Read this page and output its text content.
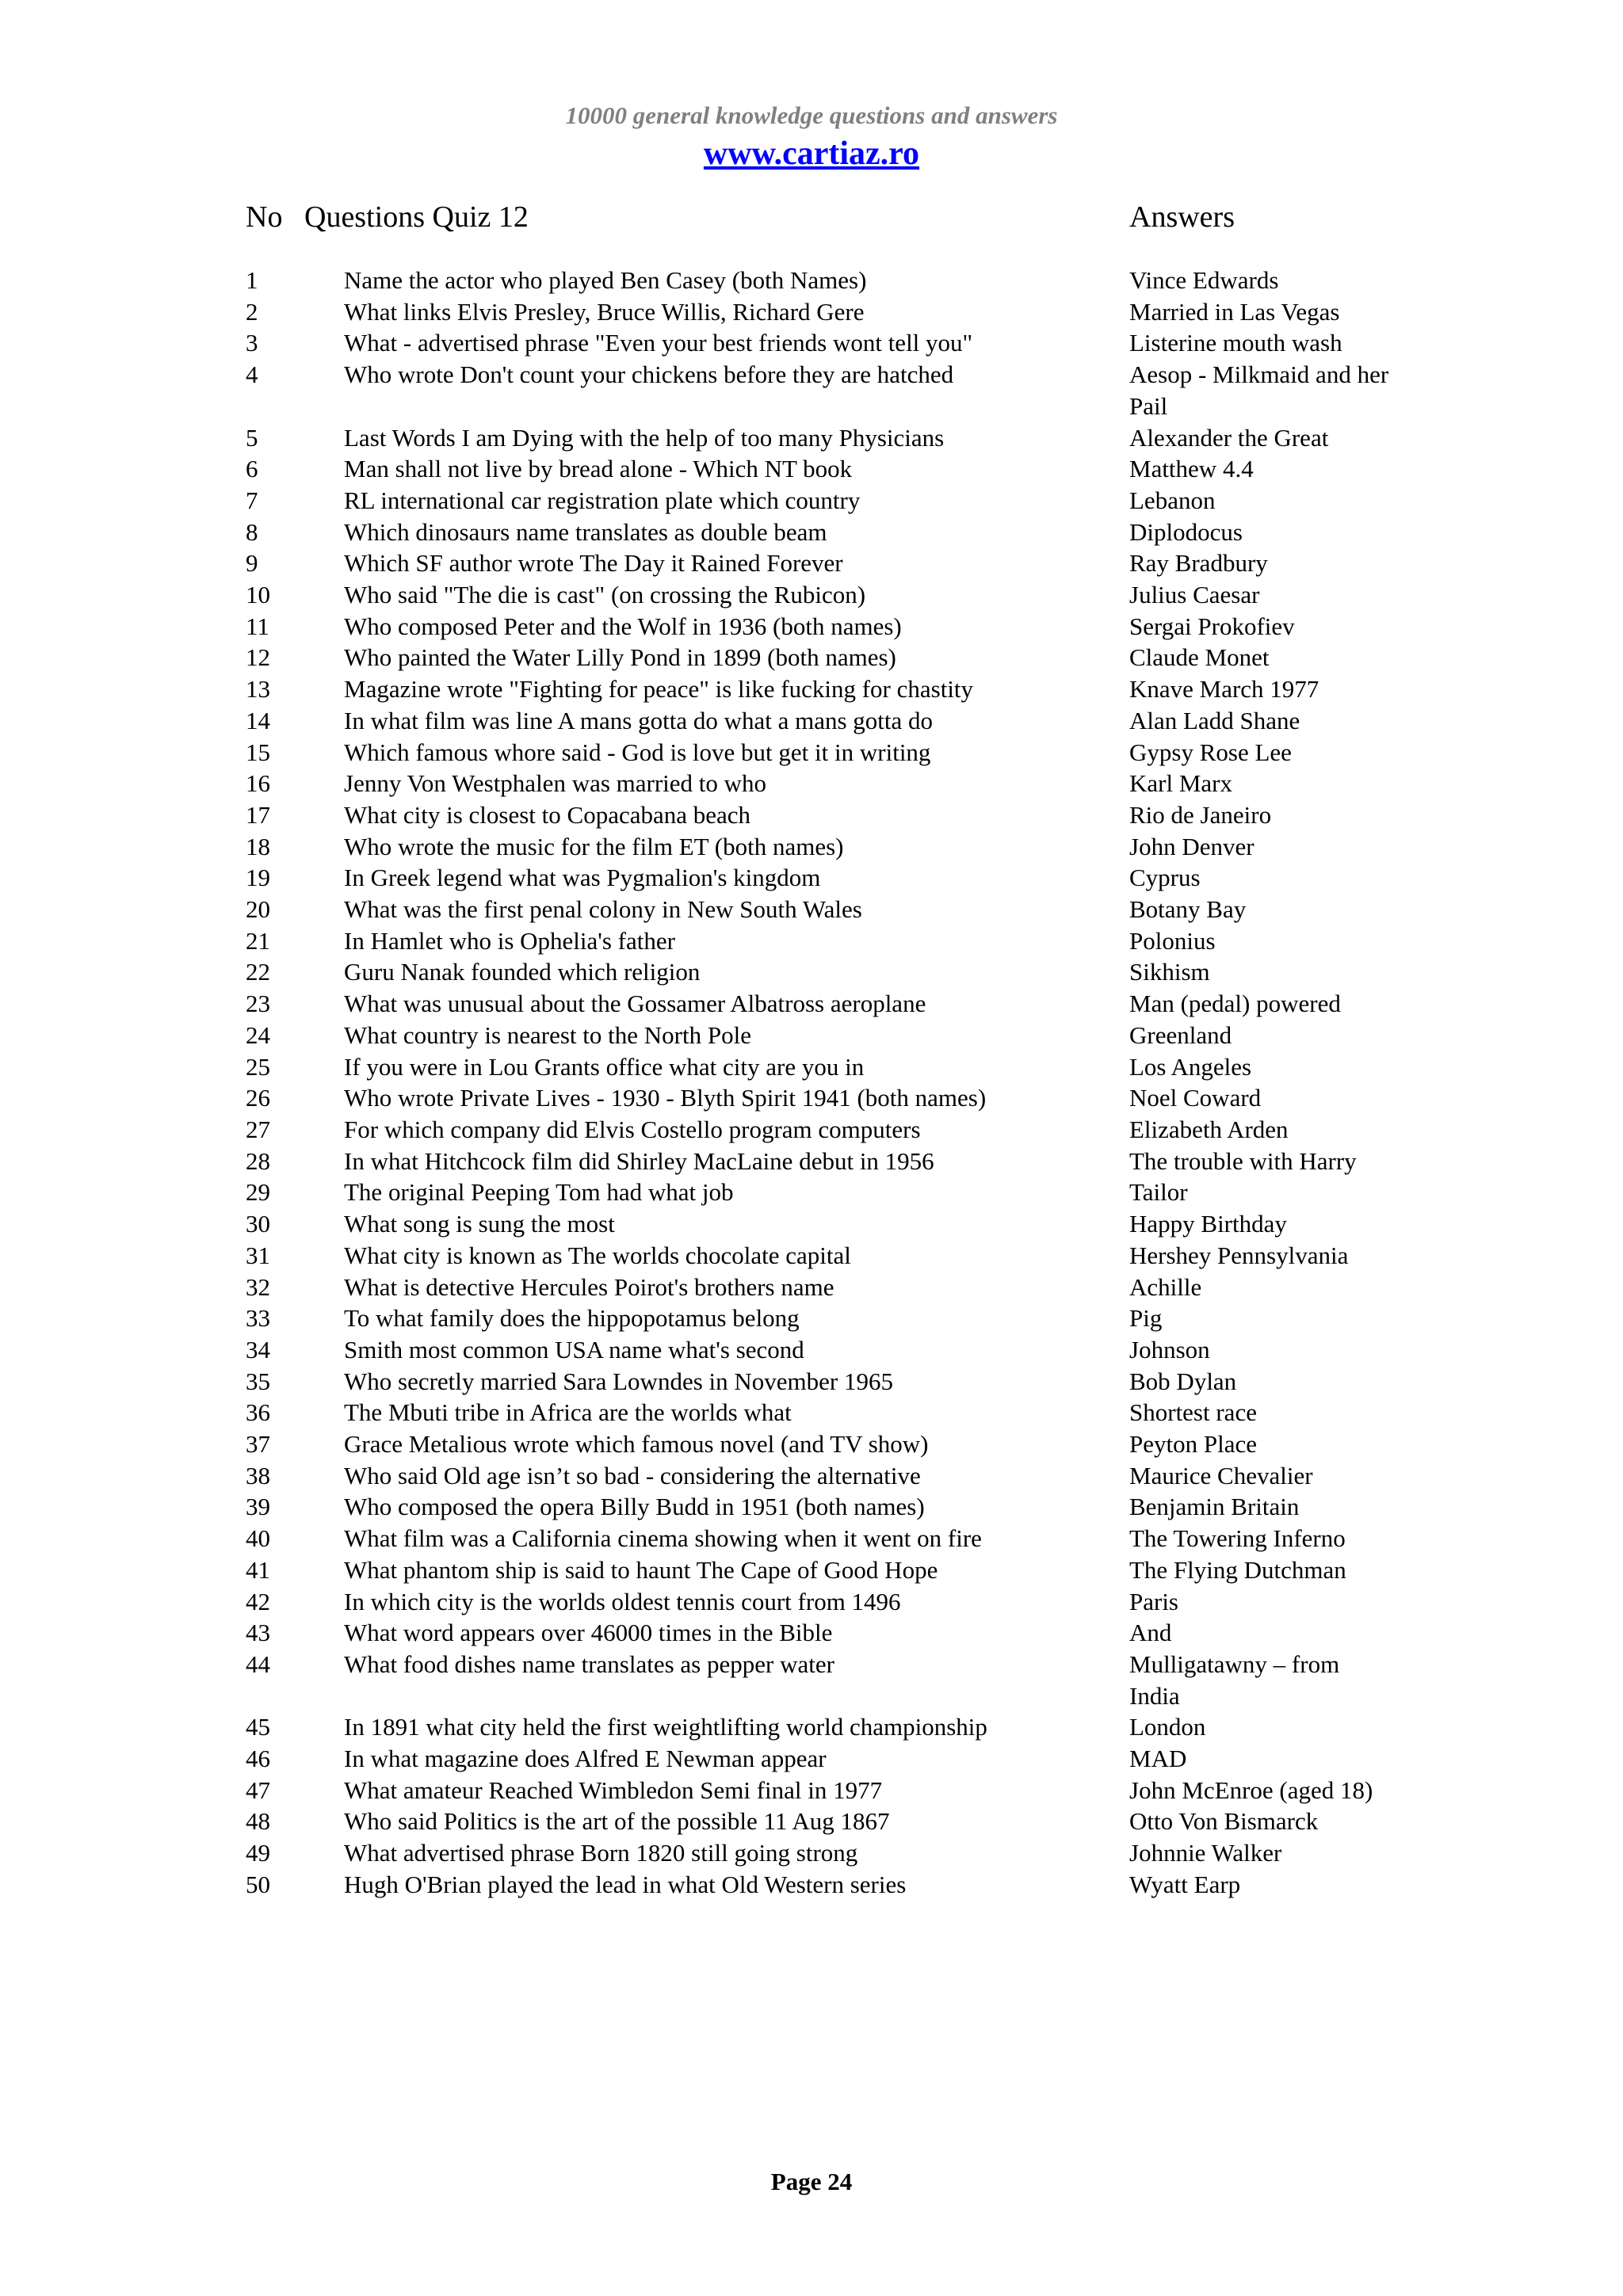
10000 general knowledge questions and answers
www.cartiaz.ro
No Questions Quiz 12	Answers
1	Name the actor who played Ben Casey (both Names)	Vince Edwards
2	What links Elvis Presley, Bruce Willis, Richard Gere	Married in Las Vegas
3	What - advertised phrase "Even your best friends wont tell you"	Listerine mouth wash
4	Who wrote Don't count your chickens before they are hatched	Aesop - Milkmaid and her Pail
5	Last Words I am Dying with the help of too many Physicians	Alexander the Great
6	Man shall not live by bread alone - Which NT book	Matthew 4.4
7	RL international car registration plate which country	Lebanon
8	Which dinosaurs name translates as double beam	Diplodocus
9	Which SF author wrote The Day it Rained Forever	Ray Bradbury
10	Who said "The die is cast" (on crossing the Rubicon)	Julius Caesar
11	Who composed Peter and the Wolf in 1936 (both names)	Sergai Prokofiev
12	Who painted the Water Lilly Pond in 1899 (both names)	Claude Monet
13	Magazine wrote "Fighting for peace" is like fucking for chastity	Knave March 1977
14	In what film was line A mans gotta do what a mans gotta do	Alan Ladd Shane
15	Which famous whore said - God is love but get it in writing	Gypsy Rose Lee
16	Jenny Von Westphalen was married to who	Karl Marx
17	What city is closest to Copacabana beach	Rio de Janeiro
18	Who wrote the music for the film ET (both names)	John Denver
19	In Greek legend what was Pygmalion's kingdom	Cyprus
20	What was the first penal colony in New South Wales	Botany Bay
21	In Hamlet who is Ophelia's father	Polonius
22	Guru Nanak founded which religion	Sikhism
23	What was unusual about the Gossamer Albatross aeroplane	Man (pedal) powered
24	What country is nearest to the North Pole	Greenland
25	If you were in Lou Grants office what city are you in	Los Angeles
26	Who wrote Private Lives - 1930 - Blyth Spirit 1941 (both names)	Noel Coward
27	For which company did Elvis Costello program computers	Elizabeth Arden
28	In what Hitchcock film did Shirley MacLaine debut in 1956	The trouble with Harry
29	The original Peeping Tom had what job	Tailor
30	What song is sung the most	Happy Birthday
31	What city is known as The worlds chocolate capital	Hershey Pennsylvania
32	What is detective Hercules Poirot's brothers name	Achille
33	To what family does the hippopotamus belong	Pig
34	Smith most common USA name what's second	Johnson
35	Who secretly married Sara Lowndes in November 1965	Bob Dylan
36	The Mbuti tribe in Africa are the worlds what	Shortest race
37	Grace Metalious wrote which famous novel (and TV show)	Peyton Place
38	Who said Old age isn’t so bad - considering the alternative	Maurice Chevalier
39	Who composed the opera Billy Budd in 1951 (both names)	Benjamin Britain
40	What film was a California cinema showing when it went on fire	The Towering Inferno
41	What phantom ship is said to haunt The Cape of Good Hope	The Flying Dutchman
42	In which city is the worlds oldest tennis court from 1496	Paris
43	What word appears over 46000 times in the Bible	And
44	What food dishes name translates as pepper water	Mulligatawny – from India
45	In 1891 what city held the first weightlifting world championship	London
46	In what magazine does Alfred E Newman appear	MAD
47	What amateur Reached Wimbledon Semi final in 1977	John McEnroe (aged 18)
48	Who said Politics is the art of the possible 11 Aug 1867	Otto Von Bismarck
49	What advertised phrase Born 1820 still going strong	Johnnie Walker
50	Hugh O'Brian played the lead in what Old Western series	Wyatt Earp
Page 24
